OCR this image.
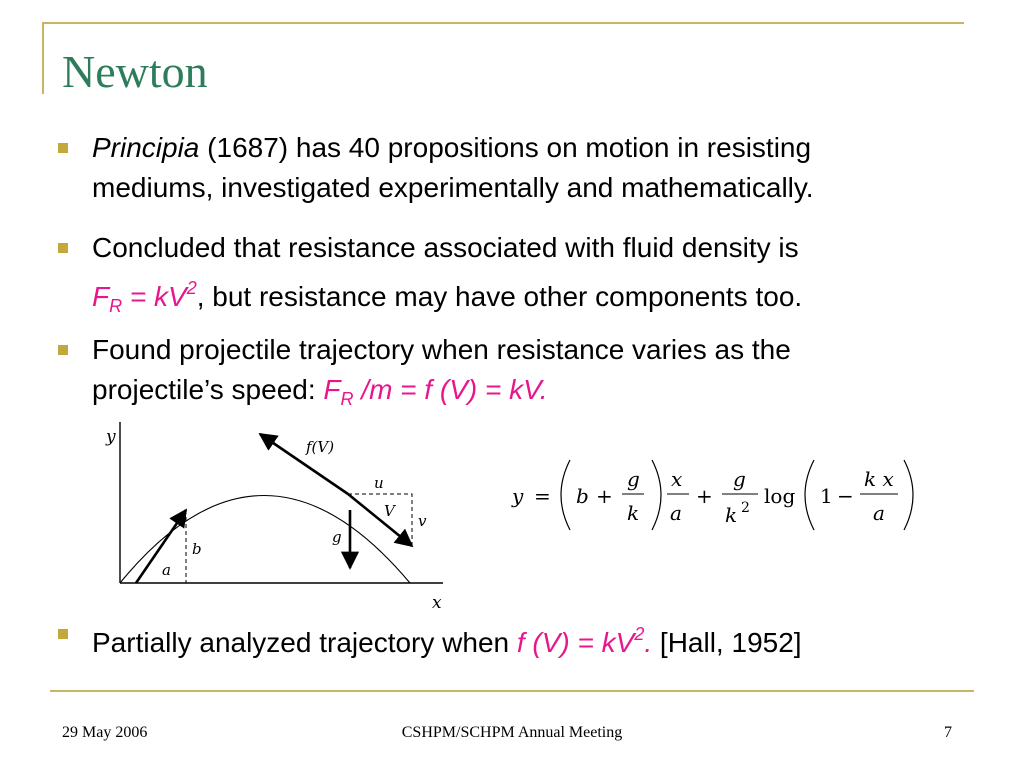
Newton
Principia (1687) has 40 propositions on motion in resisting
mediums, investigated experimentally and mathematically.
Concluded that resistance associated with fluid density is
$F_R = kV^2$, but resistance may have other components too.
Found projectile trajectory when resistance varies as the
projectile’s speed: $F_R$ /m = f (V) = kV.
y
x
a
b
f(V)
u
v
V
g
y = b +
g
k
x
a
+
g
k 2 log 1 −
k x
a
Partially analyzed trajectory when f $(V) = kV^2$. [Hall, 1952]
29 May 2006	CSHPM/SCHPM Annual Meeting	7
